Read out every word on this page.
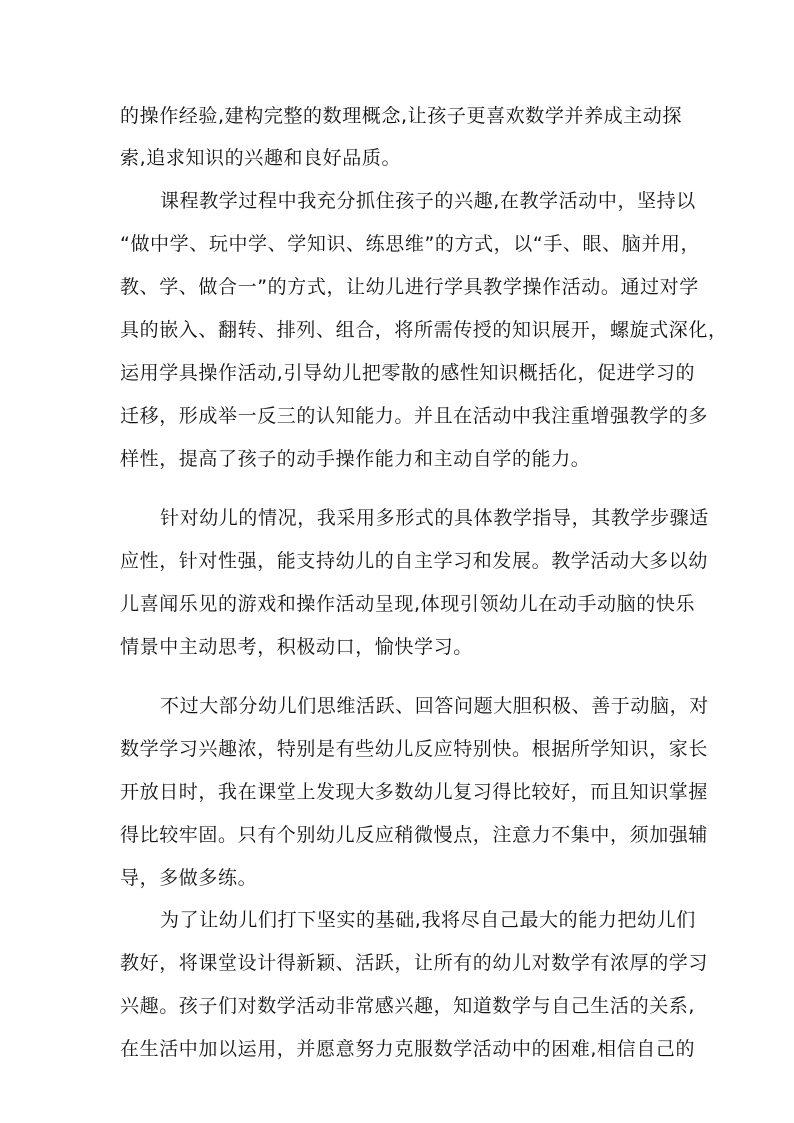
的操作经验,建构完整的数理概念,让孩子更喜欢数学并养成主动探
索,追求知识的兴趣和良好品质。
课程教学过程中我充分抓住孩子的兴趣,在教学活动中，坚持以
“做中学、玩中学、学知识、练思维”的方式，以“手、眼、脑并用，
教、学、做合一”的方式，让幼儿进行学具教学操作活动。通过对学
具的嵌入、翻转、排列、组合，将所需传授的知识展开，螺旋式深化，
运用学具操作活动,引导幼儿把零散的感性知识概括化，促进学习的
迁移，形成举一反三的认知能力。并且在活动中我注重增强教学的多
样性，提高了孩子的动手操作能力和主动自学的能力。
针对幼儿的情况，我采用多形式的具体教学指导，其教学步骤适
应性，针对性强，能支持幼儿的自主学习和发展。教学活动大多以幼
儿喜闻乐见的游戏和操作活动呈现,体现引领幼儿在动手动脑的快乐
情景中主动思考，积极动口，愉快学习。
不过大部分幼儿们思维活跃、回答问题大胆积极、善于动脑，对
数学学习兴趣浓，特别是有些幼儿反应特别快。根据所学知识，家长
开放日时，我在课堂上发现大多数幼儿复习得比较好，而且知识掌握
得比较牢固。只有个别幼儿反应稍微慢点，注意力不集中，须加强辅
导，多做多练。
为了让幼儿们打下坚实的基础,我将尽自己最大的能力把幼儿们
教好，将课堂设计得新颖、活跃，让所有的幼儿对数学有浓厚的学习
兴趣。孩子们对数学活动非常感兴趣，知道数学与自己生活的关系,
在生活中加以运用，并愿意努力克服数学活动中的困难,相信自己的
